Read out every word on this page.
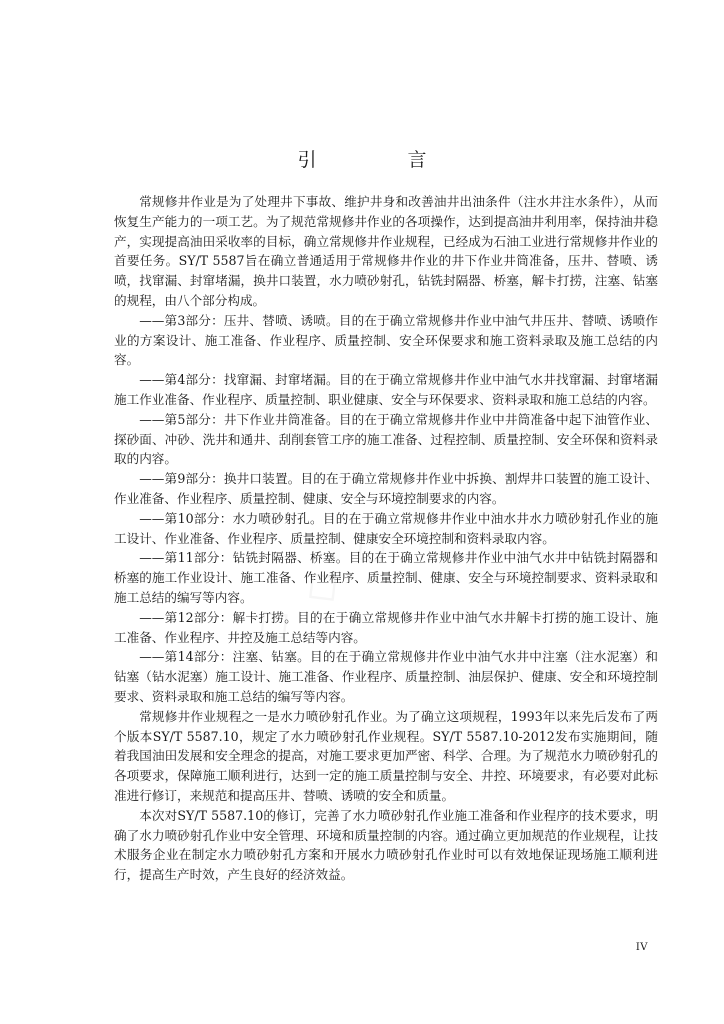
引　言

常规修井作业是为了处理井下事故、维护井身和改善油井出油条件（注水井注水条件），从而恢复生产能力的一项工艺。为了规范常规修井作业的各项操作，达到提高油井利用率，保持油井稳产，实现提高油田采收率的目标，确立常规修井作业规程，已经成为石油工业进行常规修井作业的首要任务。SY/T 5587旨在确立普通适用于常规修井作业的井下作业井筒准备，压井、替喷、诱喷，找窜漏、封窜堵漏，换井口装置，水力喷砂射孔，钻铣封隔器、桥塞，解卡打捞，注塞、钻塞的规程，由八个部分构成。

——第3部分：压井、替喷、诱喷。目的在于确立常规修井作业中油气井压井、替喷、诱喷作业的方案设计、施工准备、作业程序、质量控制、安全环保要求和施工资料录取及施工总结的内容。

——第4部分：找窜漏、封窜堵漏。目的在于确立常规修井作业中油气水井找窜漏、封窜堵漏施工作业准备、作业程序、质量控制、职业健康、安全与环保要求、资料录取和施工总结的内容。

——第5部分：井下作业井筒准备。目的在于确立常规修井作业中井筒准备中起下油管作业、探砂面、冲砂、洗井和通井、刮削套管工序的施工准备、过程控制、质量控制、安全环保和资料录取的内容。

——第9部分：换井口装置。目的在于确立常规修井作业中拆换、割焊井口装置的施工设计、作业准备、作业程序、质量控制、健康、安全与环境控制要求的内容。

——第10部分：水力喷砂射孔。目的在于确立常规修井作业中油水井水力喷砂射孔作业的施工设计、作业准备、作业程序、质量控制、健康安全环境控制和资料录取内容。

——第11部分：钻铣封隔器、桥塞。目的在于确立常规修井作业中油气水井中钻铣封隔器和桥塞的施工作业设计、施工准备、作业程序、质量控制、健康、安全与环境控制要求、资料录取和施工总结的编写等内容。

——第12部分：解卡打捞。目的在于确立常规修井作业中油气水井解卡打捞的施工设计、施工准备、作业程序、井控及施工总结等内容。

——第14部分：注塞、钻塞。目的在于确立常规修井作业中油气水井中注塞（注水泥塞）和钻塞（钻水泥塞）施工设计、施工准备、作业程序、质量控制、油层保护、健康、安全和环境控制要求、资料录取和施工总结的编写等内容。

常规修井作业规程之一是水力喷砂射孔作业。为了确立这项规程，1993年以来先后发布了两个版本SY/T 5587.10，规定了水力喷砂射孔作业规程。SY/T 5587.10-2012发布实施期间，随着我国油田发展和安全理念的提高，对施工要求更加严密、科学、合理。为了规范水力喷砂射孔的各项要求，保障施工顺利进行，达到一定的施工质量控制与安全、井控、环境要求，有必要对此标准进行修订，来规范和提高压井、替喷、诱喷的安全和质量。

本次对SY/T 5587.10的修订，完善了水力喷砂射孔作业施工准备和作业程序的技术要求，明确了水力喷砂射孔作业中安全管理、环境和质量控制的内容。通过确立更加规范的作业规程，让技术服务企业在制定水力喷砂射孔方案和开展水力喷砂射孔作业时可以有效地保证现场施工顺利进行，提高生产时效，产生良好的经济效益。

IV
